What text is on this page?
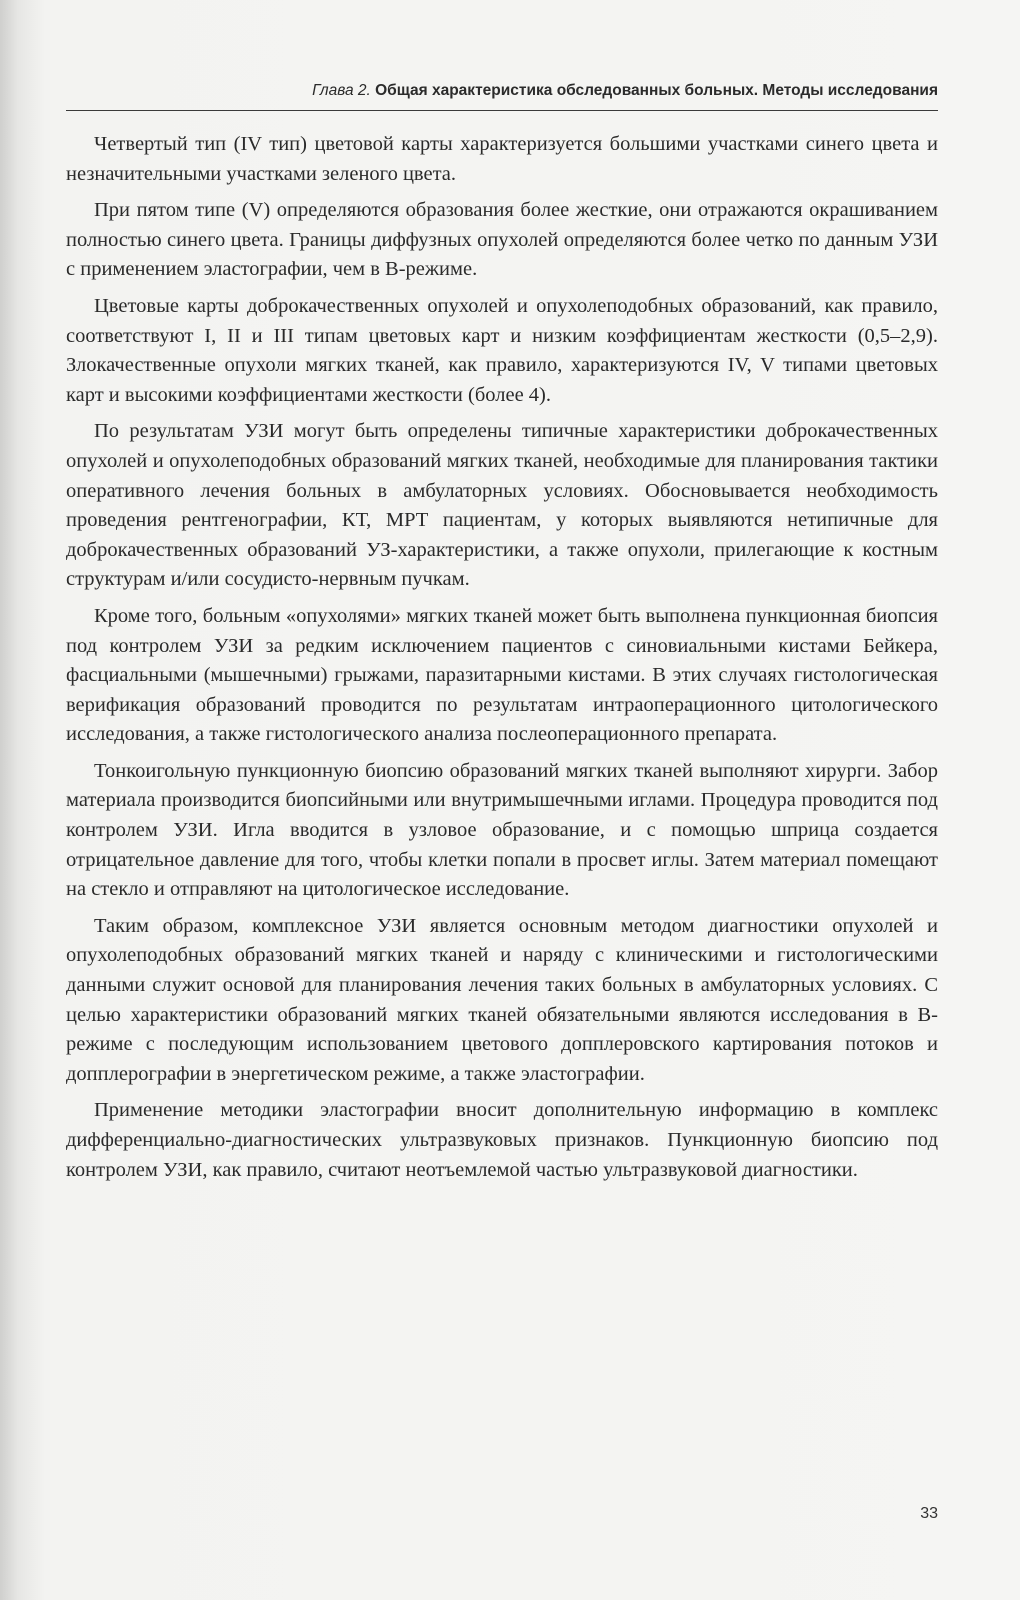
Глава 2. Общая характеристика обследованных больных. Методы исследования

Четвертый тип (IV тип) цветовой карты характеризуется большими участками синего цвета и незначительными участками зеленого цвета.

При пятом типе (V) определяются образования более жесткие, они отражаются окрашиванием полностью синего цвета. Границы диффузных опухолей определяются более четко по данным УЗИ с применением эластографии, чем в В-режиме.

Цветовые карты доброкачественных опухолей и опухолеподобных образований, как правило, соответствуют I, II и III типам цветовых карт и низким коэффициентам жесткости (0,5–2,9). Злокачественные опухоли мягких тканей, как правило, характеризуются IV, V типами цветовых карт и высокими коэффициентами жесткости (более 4).

По результатам УЗИ могут быть определены типичные характеристики доброкачественных опухолей и опухолеподобных образований мягких тканей, необходимые для планирования тактики оперативного лечения больных в амбулаторных условиях. Обосновывается необходимость проведения рентгенографии, КТ, МРТ пациентам, у которых выявляются нетипичные для доброкачественных образований УЗ-характеристики, а также опухоли, прилегающие к костным структурам и/или сосудисто-нервным пучкам.

Кроме того, больным «опухолями» мягких тканей может быть выполнена пункционная биопсия под контролем УЗИ за редким исключением пациентов с синовиальными кистами Бейкера, фасциальными (мышечными) грыжами, паразитарными кистами. В этих случаях гистологическая верификация образований проводится по результатам интраоперационного цитологического исследования, а также гистологического анализа послеоперационного препарата.

Тонкоигольную пункционную биопсию образований мягких тканей выполняют хирурги. Забор материала производится биопсийными или внутримышечными иглами. Процедура проводится под контролем УЗИ. Игла вводится в узловое образование, и с помощью шприца создается отрицательное давление для того, чтобы клетки попали в просвет иглы. Затем материал помещают на стекло и отправляют на цитологическое исследование.

Таким образом, комплексное УЗИ является основным методом диагностики опухолей и опухолеподобных образований мягких тканей и наряду с клиническими и гистологическими данными служит основой для планирования лечения таких больных в амбулаторных условиях. С целью характеристики образований мягких тканей обязательными являются исследования в В-режиме с последующим использованием цветового допплеровского картирования потоков и допплерографии в энергетическом режиме, а также эластографии.

Применение методики эластографии вносит дополнительную информацию в комплекс дифференциально-диагностических ультразвуковых признаков. Пункционную биопсию под контролем УЗИ, как правило, считают неотъемлемой частью ультразвуковой диагностики.

33
